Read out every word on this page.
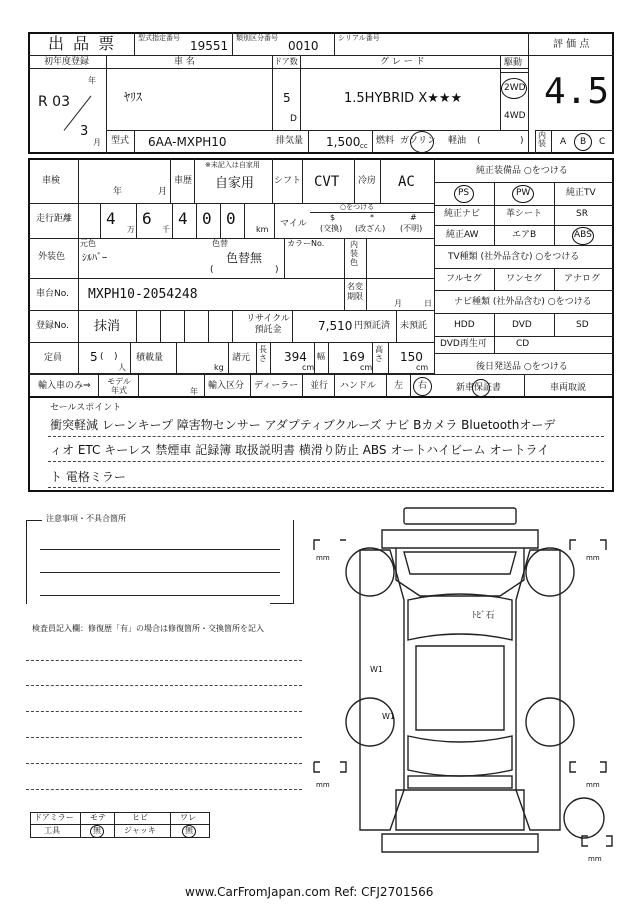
出 品 票	型式指定番号
19551
類別区分番号
0010
シリアル番号
評 価 点
4.5
初年度登録
年
R 03
3
月
車 名
ﾔﾘｽ
ドア数
5
D
グ レ ー ド
1.5HYBRID X★★★
駆動
2WD
4WD
型式 6AA-MXPH10	排気量 1,500 cc 燃料 ガソリン 軽油 (	)
内装 A B C
車検
年	月
車歴
※未記入は自家用
自家用 シフト CVT 冷房 AC
走行距離 4
万
6
千
4 0 0
km
マイル
○をつける
$	*	#
(交換) (改ざん) (不明)
外装色
元色
ｼﾙﾊﾞｰ
色替
色替無
(	)
カラーNo.	内装色
車台No. MXPH10-2054248
名変期限
月	日
登録No. 抹消	リサイクル預託金	7,510 円預託済 未預託
定員 5 ( )
人
積載量
kg
諸元
長さ 394
cm
幅 169
cm
高さ 150
cm
輸入車のみ⇒	モデル年式	年
輸入区分 ディーラー 並行 ハンドル 左 右
純正装備品 ○をつける
PS	PW	純正TV
純正ナビ	革シート	SR
純正AW	エアB	ABS
TV種類 (社外品含む) ○をつける
フルセグ	ワンセグ アナログ
ナビ種類 (社外品含む) ○をつける
HDD	DVD	SD
DVD再生可	CD
後日発送品 ○をつける
新車保証書	車両取説
セールスポイント
衝突軽減 レーンキープ 障害物センサー アダプティブクルーズ ナビ Bカメラ Bluetoothオーデ
ィオ ETC キーレス 禁煙車 記録簿 取扱説明書 横滑り防止 ABS オートハイビーム オートライ
ト 電格ミラー
注意事項・不具合箇所
検査員記入欄：修復歴「有」の場合は修復箇所・交換箇所を記入
ﾄﾋﾞ石
W1
W1
mm	mm
mm	mm
mm
ドアミラー モテ	ヒビ	ワレ
工具	無	ジャッキ	無
www.CarFromJapan.com Ref: CFJ2701566
